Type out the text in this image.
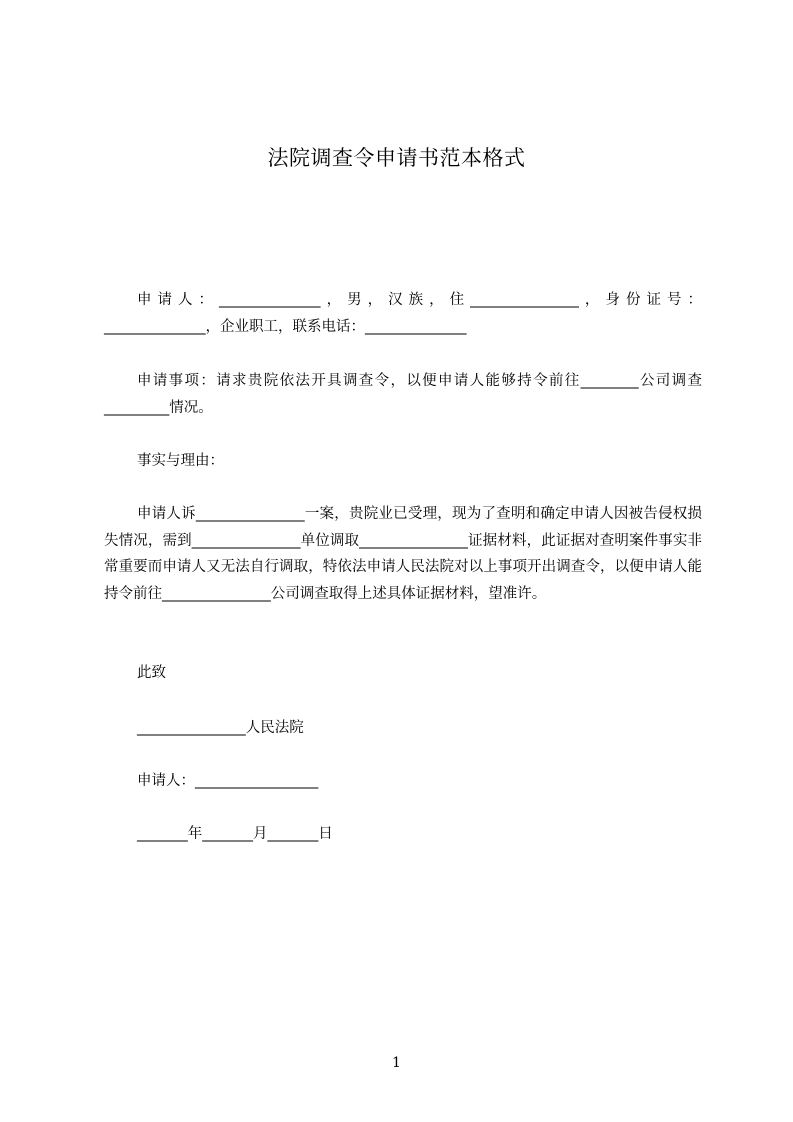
法院调查令申请书范本格式
申请人：______________，男，汉族，住_______________，身份证号：______________，企业职工，联系电话：______________
申请事项：请求贵院依法开具调查令，以便申请人能够持令前往________公司调查_________情况。
事实与理由：
申请人诉_______________一案，贵院业已受理，现为了查明和确定申请人因被告侵权损失情况，需到_______________单位调取_______________证据材料，此证据对查明案件事实非常重要而申请人又无法自行调取，特依法申请人民法院对以上事项开出调查令，以便申请人能持令前往_______________公司调查取得上述具体证据材料，望准许。
此致
_______________人民法院
申请人：_________________
_______年_______月_______日
1
